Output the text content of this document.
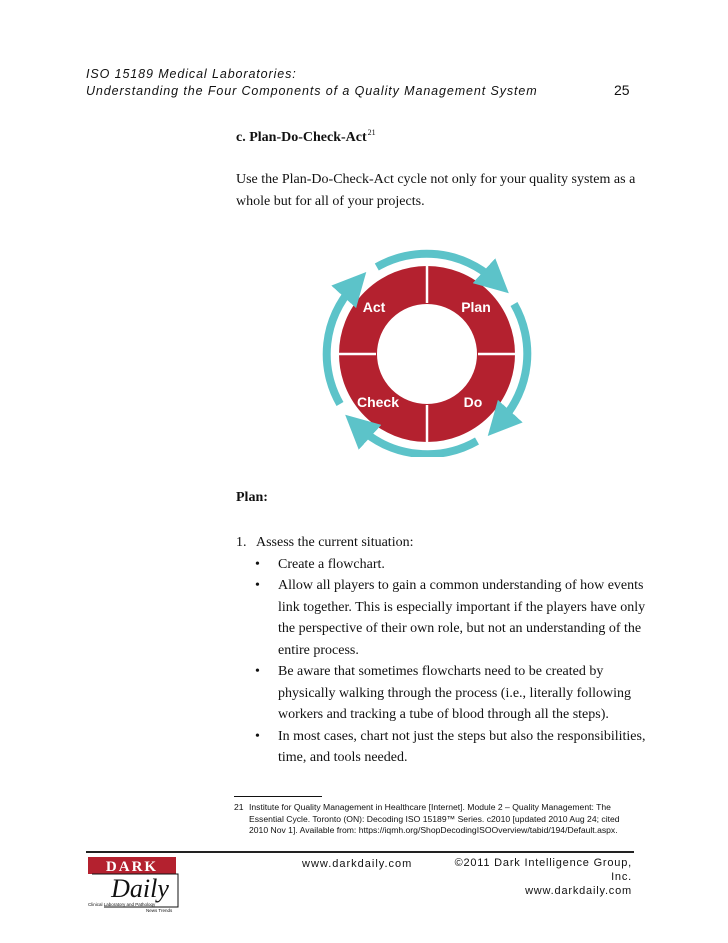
ISO 15189 Medical Laboratories:
Understanding the Four Components of a Quality Management System	25
c. Plan-Do-Check-Act$^{21}$
Use the Plan-Do-Check-Act cycle not only for your quality system as a whole but for all of your projects.
Act	Plan
Check	Do
Plan:
1. Assess the current situation:
•	Create a flowchart.
•	Allow all players to gain a common understanding of how events link together. This is especially important if the players have only the perspective of their own role, but not an understanding of the entire process.
•	Be aware that sometimes flowcharts need to be created by physically walking through the process (i.e., literally following workers and tracking a tube of blood through all the steps).
•	In most cases, chart not just the steps but also the responsibilities, time, and tools needed.
21 Institute for Quality Management in Healthcare [Internet]. Module 2 – Quality Management: The Essential Cycle. Toronto (ON): Decoding ISO 15189™ Series. c2010 [updated 2010 Aug 24; cited 2010 Nov 1]. Available from: https://iqmh.org/ShopDecodingISOOverview/tabid/194/Default.aspx.
DARK
Daily
Clinical Laboratory and Pathology
News Trends
www.darkdaily.com	©2011 Dark Intelligence Group, Inc.
www.darkdaily.com
